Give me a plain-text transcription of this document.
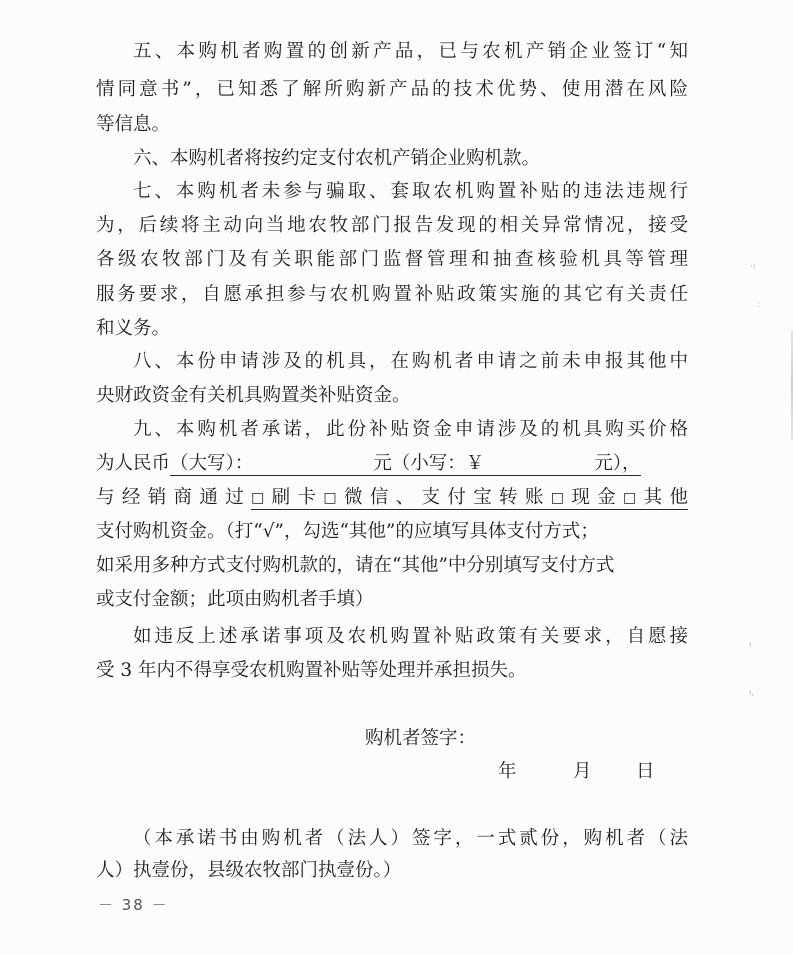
五、本购机者购置的创新产品，已与农机产销企业签订“知
情同意书”，已知悉了解所购新产品的技术优势、使用潜在风险
等信息。
六、本购机者将按约定支付农机产销企业购机款。
七、本购机者未参与骗取、套取农机购置补贴的违法违规行
为，后续将主动向当地农牧部门报告发现的相关异常情况，接受
各级农牧部门及有关职能部门监督管理和抽查核验机具等管理
服务要求，自愿承担参与农机购置补贴政策实施的其它有关责任
和义务。
八、本份申请涉及的机具，在购机者申请之前未申报其他中
央财政资金有关机具购置类补贴资金。
九、本购机者承诺，此份补贴资金申请涉及的机具购买价格
为人民币（大写）：	元（小写：￥	元），
与经销商通过□刷卡□微信、支付宝转账□现金□其他
支付购机资金。（打“√”，勾选“其他”的应填写具体支付方式；
如采用多种方式支付购机款的，请在“其他”中分别填写支付方式
或支付金额；此项由购机者手填）
如违反上述承诺事项及农机购置补贴政策有关要求，自愿接
受 3 年内不得享受农机购置补贴等处理并承担损失。
购机者签字：
年	月	日
（本承诺书由购机者（法人）签字，一式贰份，购机者（法
人）执壹份，县级农牧部门执壹份。）
－ 38 －
·ı
:
ı
ı,
